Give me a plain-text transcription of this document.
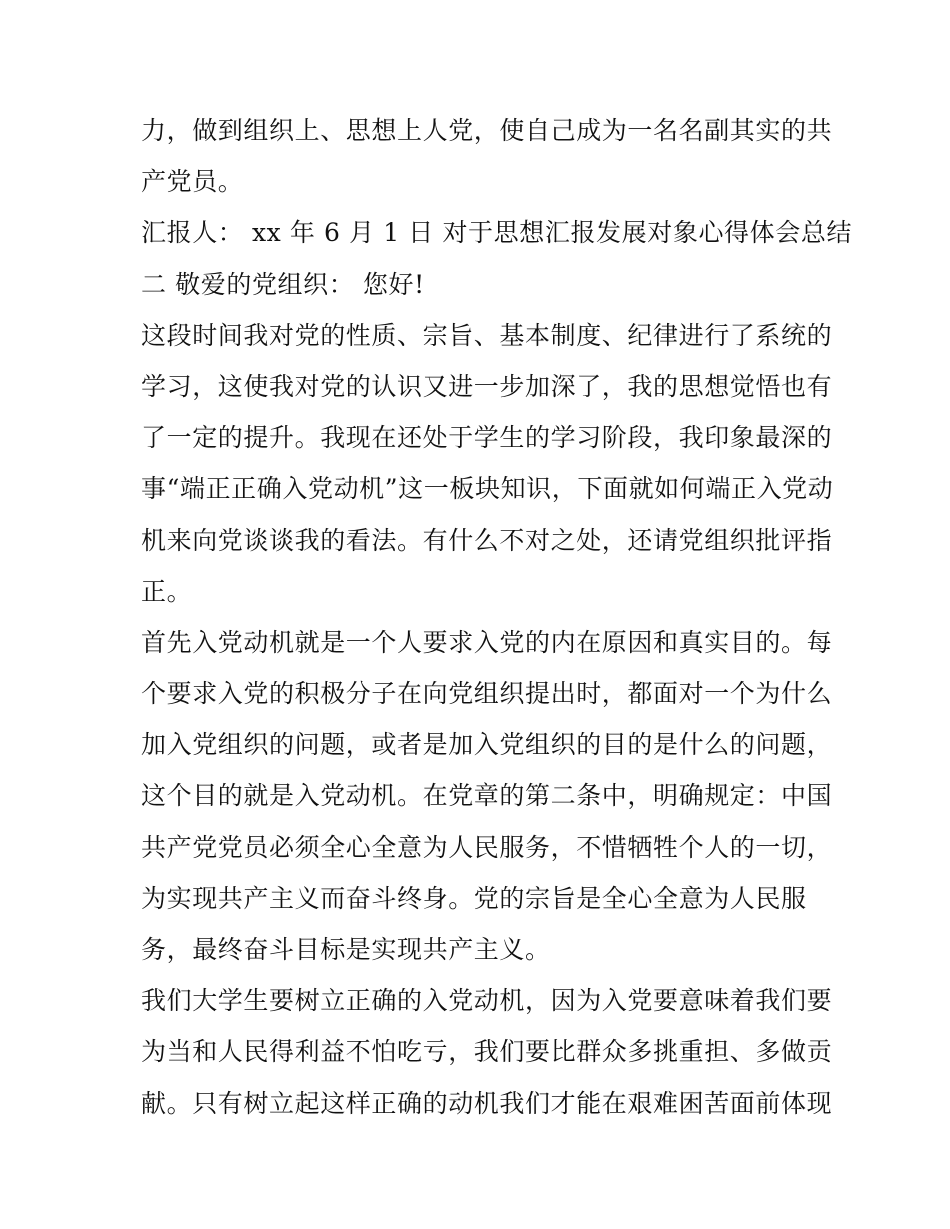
力，做到组织上、思想上人党，使自己成为一名名副其实的共
产党员。
汇报人： xx 年 6 月 1 日 对于思想汇报发展对象心得体会总结
二 敬爱的党组织： 您好!
这段时间我对党的性质、宗旨、基本制度、纪律进行了系统的
学习，这使我对党的认识又进一步加深了，我的思想觉悟也有
了一定的提升。我现在还处于学生的学习阶段，我印象最深的
事“端正正确入党动机”这一板块知识，下面就如何端正入党动
机来向党谈谈我的看法。有什么不对之处，还请党组织批评指
正。
首先入党动机就是一个人要求入党的内在原因和真实目的。每
个要求入党的积极分子在向党组织提出时，都面对一个为什么
加入党组织的问题，或者是加入党组织的目的是什么的问题，
这个目的就是入党动机。在党章的第二条中，明确规定：中国
共产党党员必须全心全意为人民服务，不惜牺牲个人的一切，
为实现共产主义而奋斗终身。党的宗旨是全心全意为人民服
务，最终奋斗目标是实现共产主义。
我们大学生要树立正确的入党动机，因为入党要意味着我们要
为当和人民得利益不怕吃亏，我们要比群众多挑重担、多做贡
献。只有树立起这样正确的动机我们才能在艰难困苦面前体现
